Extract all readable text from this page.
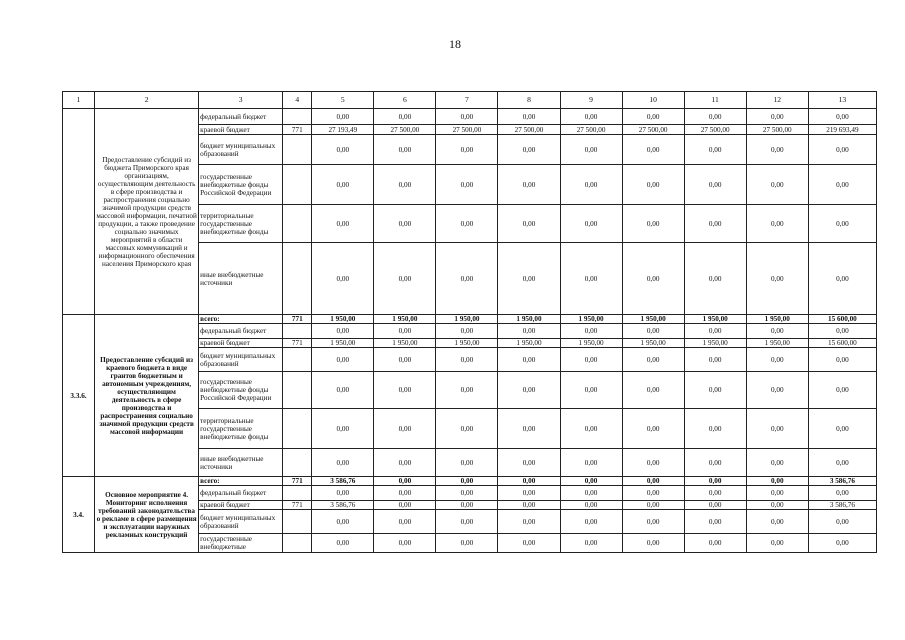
18
1	2	3	4	5	6	7	8	9	10	11	12	13
	Предоставление субсидий из бюджета Приморского края организациям, осуществляющим деятельность в сфере производства и распространения социально значимой продукции средств массовой информации, печатной продукции, а также проведение социально значимых мероприятий в области массовых коммуникаций и информационного обеспечения населения Приморского края	федеральный бюджет		0,00	0,00	0,00	0,00	0,00	0,00	0,00	0,00	0,00
		краевой бюджет	771	27 193,49	27 500,00	27 500,00	27 500,00	27 500,00	27 500,00	27 500,00	27 500,00	219 693,49
		бюджет муниципальных образований		0,00	0,00	0,00	0,00	0,00	0,00	0,00	0,00	0,00
		государственные внебюджетные фонды Российской Федерации		0,00	0,00	0,00	0,00	0,00	0,00	0,00	0,00	0,00
		территориальные государственные внебюджетные фонды		0,00	0,00	0,00	0,00	0,00	0,00	0,00	0,00	0,00
		иные внебюджетные источники		0,00	0,00	0,00	0,00	0,00	0,00	0,00	0,00	0,00
3.3.6.	Предоставление субсидий из краевого бюджета в виде грантов бюджетным и автономным учреждениям, осуществляющим деятельность в сфере производства и распространения социально значимой продукции средств массовой информации	всего:	771	1 950,00	1 950,00	1 950,00	1 950,00	1 950,00	1 950,00	1 950,00	1 950,00	15 600,00
		федеральный бюджет		0,00	0,00	0,00	0,00	0,00	0,00	0,00	0,00	0,00
		краевой бюджет	771	1 950,00	1 950,00	1 950,00	1 950,00	1 950,00	1 950,00	1 950,00	1 950,00	15 600,00
		бюджет муниципальных образований		0,00	0,00	0,00	0,00	0,00	0,00	0,00	0,00	0,00
		государственные внебюджетные фонды Российской Федерации		0,00	0,00	0,00	0,00	0,00	0,00	0,00	0,00	0,00
		территориальные государственные внебюджетные фонды		0,00	0,00	0,00	0,00	0,00	0,00	0,00	0,00	0,00
		иные внебюджетные источники		0,00	0,00	0,00	0,00	0,00	0,00	0,00	0,00	0,00
3.4.	Основное мероприятие 4. Мониторинг исполнения требований законодательства о рекламе в сфере размещения и эксплуатации наружных рекламных конструкций	всего:	771	3 586,76	0,00	0,00	0,00	0,00	0,00	0,00	0,00	3 586,76
		федеральный бюджет		0,00	0,00	0,00	0,00	0,00	0,00	0,00	0,00	0,00
		краевой бюджет	771	3 586,76	0,00	0,00	0,00	0,00	0,00	0,00	0,00	3 586,76
		бюджет муниципальных образований		0,00	0,00	0,00	0,00	0,00	0,00	0,00	0,00	0,00
		государственные внебюджетные		0,00	0,00	0,00	0,00	0,00	0,00	0,00	0,00	0,00
